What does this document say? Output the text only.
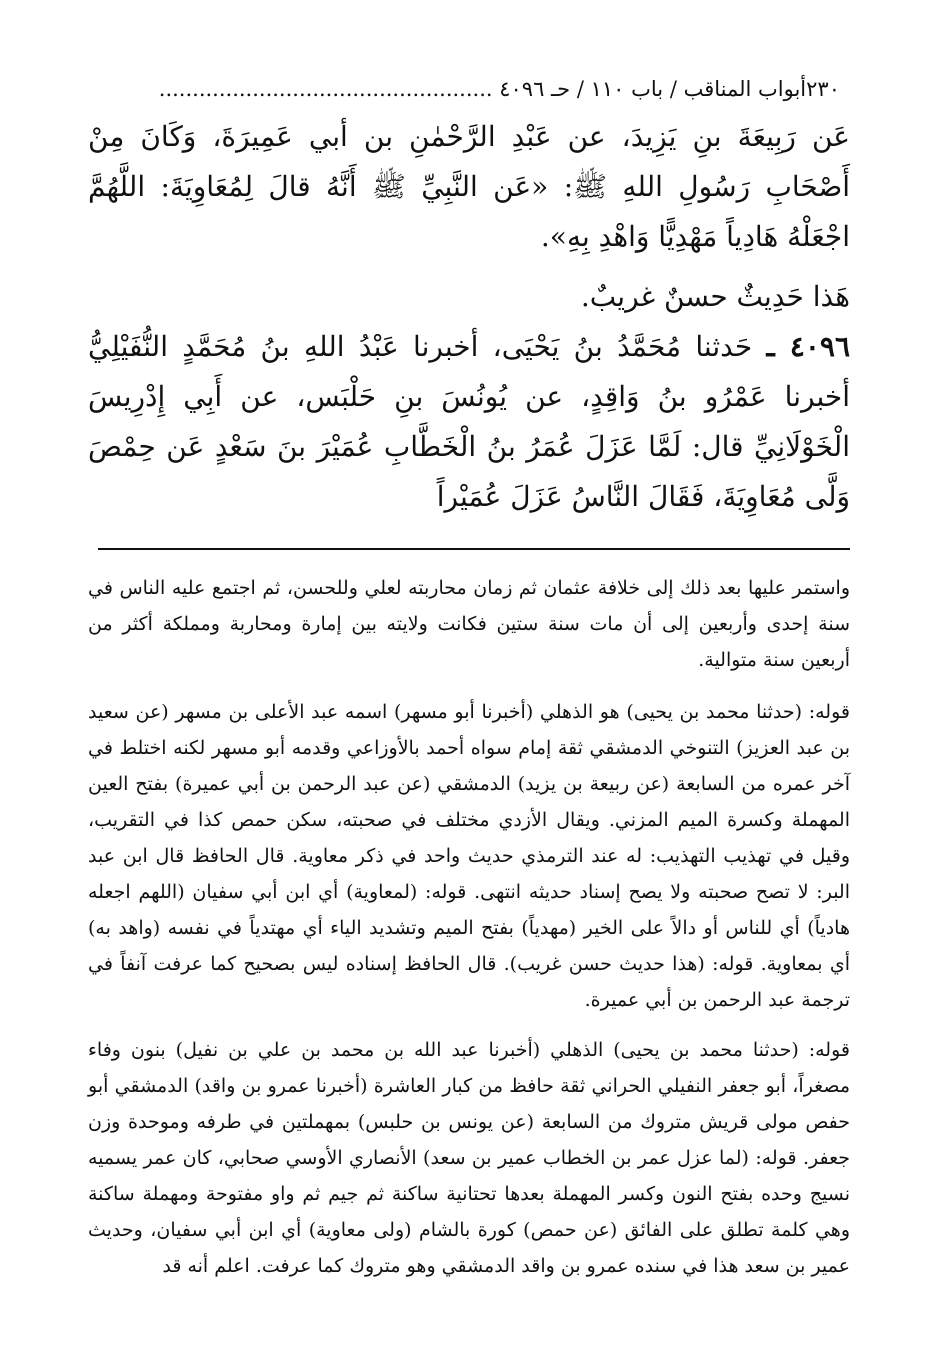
٢٣٠
أبواب المناقب / باب ١١٠ / حـ ٤٠٩٦ .....

عَن رَبِيعَةَ بنِ يَزِيدَ، عن عَبْدِ الرَّحْمٰنِ بن أبي عَمِيرَةَ، وَكَانَ مِنْ أَصْحَابِ رَسُولِ اللهِ ﷺ: «عَن النَّبِيِّ ﷺ أَنَّهُ قالَ لِمُعَاوِيَةَ: اللَّهُمَّ اجْعَلْهُ هَادِياً مَهْدِيًّا وَاهْدِ بِهِ».

هَذا حَدِيثٌ حسنٌ غريبٌ.

٤٠٩٦ ـ حَدثنا مُحَمَّدُ بنُ يَحْيَى، أخبرنا عَبْدُ اللهِ بنُ مُحَمَّدٍ النُّفَيْلِيُّ أخبرنا عَمْرُو بنُ وَاقِدٍ، عن يُونُسَ بنِ حَلْبَس، عن أَبِي إِدْرِيسَ الْخَوْلَانِيِّ قال: لَمَّا عَزَلَ عُمَرُ بنُ الْخَطَّابِ عُمَيْرَ بنَ سَعْدٍ عَن حِمْصَ وَلَّى مُعَاوِيَةَ، فَقَالَ النَّاسُ عَزَلَ عُمَيْراً

واستمر عليها بعد ذلك إلى خلافة عثمان ثم زمان محاربته لعلي وللحسن، ثم اجتمع عليه الناس في سنة إحدى وأربعين إلى أن مات سنة ستين فكانت ولايته بين إمارة ومحاربة ومملكة أكثر من أربعين سنة متوالية.

قوله: (حدثنا محمد بن يحيى) هو الذهلي (أخبرنا أبو مسهر) اسمه عبد الأعلى بن مسهر (عن سعيد بن عبد العزيز) التنوخي الدمشقي ثقة إمام سواه أحمد بالأوزاعي وقدمه أبو مسهر لكنه اختلط في آخر عمره من السابعة (عن ربيعة بن يزيد) الدمشقي (عن عبد الرحمن بن أبي عميرة) بفتح العين المهملة وكسرة الميم المزني. ويقال الأزدي مختلف في صحبته، سكن حمص كذا في التقريب، وقيل في تهذيب التهذيب: له عند الترمذي حديث واحد في ذكر معاوية. قال الحافظ قال ابن عبد البر: لا تصح صحبته ولا يصح إسناد حديثه انتهى. قوله: (لمعاوية) أي ابن أبي سفيان (اللهم اجعله هادياً) أي للناس أو دالاً على الخير (مهدياً) بفتح الميم وتشديد الياء أي مهتدياً في نفسه (واهد به) أي بمعاوية. قوله: (هذا حديث حسن غريب). قال الحافظ إسناده ليس بصحيح كما عرفت آنفاً في ترجمة عبد الرحمن بن أبي عميرة.

قوله: (حدثنا محمد بن يحيى) الذهلي (أخبرنا عبد الله بن محمد بن علي بن نفيل) بنون وفاء مصغراً، أبو جعفر النفيلي الحراني ثقة حافظ من كبار العاشرة (أخبرنا عمرو بن واقد) الدمشقي أبو حفص مولى قريش متروك من السابعة (عن يونس بن حلبس) بمهملتين في طرفه وموحدة وزن جعفر. قوله: (لما عزل عمر بن الخطاب عمير بن سعد) الأنصاري الأوسي صحابي، كان عمر يسميه نسيج وحده بفتح النون وكسر المهملة بعدها تحتانية ساكنة ثم جيم ثم واو مفتوحة ومهملة ساكنة وهي كلمة تطلق على الفائق (عن حمص) كورة بالشام (ولى معاوية) أي ابن أبي سفيان، وحديث عمير بن سعد هذا في سنده عمرو بن واقد الدمشقي وهو متروك كما عرفت. اعلم أنه قد
